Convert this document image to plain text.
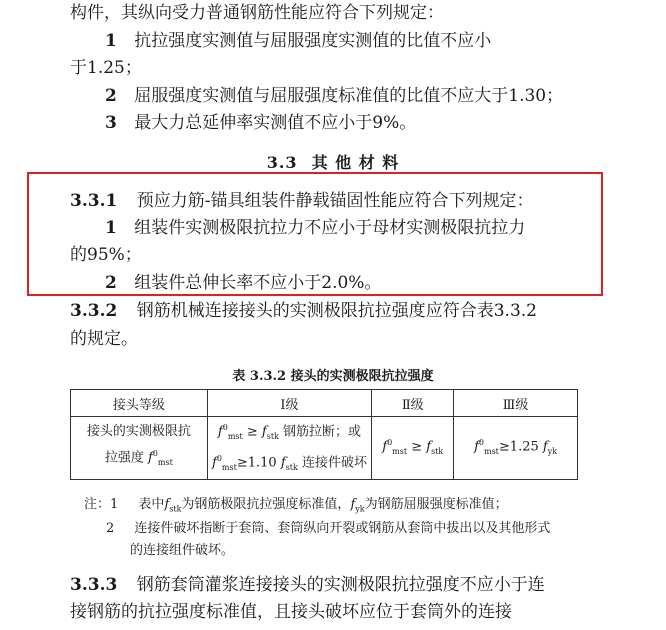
构件，其纵向受力普通钢筋性能应符合下列规定：
1 抗拉强度实测值与屈服强度实测值的比值不应小
于1.25；
2 屈服强度实测值与屈服强度标准值的比值不应大于1.30；
3 最大力总延伸率实测值不应小于9%。
3.3 其 他 材 料
3.3.1 预应力筋-锚具组装件静载锚固性能应符合下列规定：
1 组装件实测极限抗拉力不应小于母材实测极限抗拉力
的95%；
2 组装件总伸长率不应小于2.0%。
3.3.2 钢筋机械连接接头的实测极限抗拉强度应符合表3.3.2
的规定。
表 3.3.2 接头的实测极限抗拉强度
接头等级	Ⅰ级	Ⅱ级	Ⅲ级
接头的实测极限抗
拉强度 $f^0_{mst}$	$f^0_{mst} \ge f_{stk}$ 钢筋拉断；或
$f^0_{mst}\ge 1.10$ $f_{stk}$ 连接件破坏	$f^0_{mst} \ge f_{stk}$	$f^0_{mst}\ge 1.25$ $f_{yk}$
注：1 表中$f_{stk}$为钢筋极限抗拉强度标准值，$f_{yk}$为钢筋屈服强度标准值；
2 连接件破坏指断于套筒、套筒纵向开裂或钢筋从套筒中拔出以及其他形式
的连接组件破坏。
3.3.3 钢筋套筒灌浆连接接头的实测极限抗拉强度不应小于连
接钢筋的抗拉强度标准值，且接头破坏应位于套筒外的连接
